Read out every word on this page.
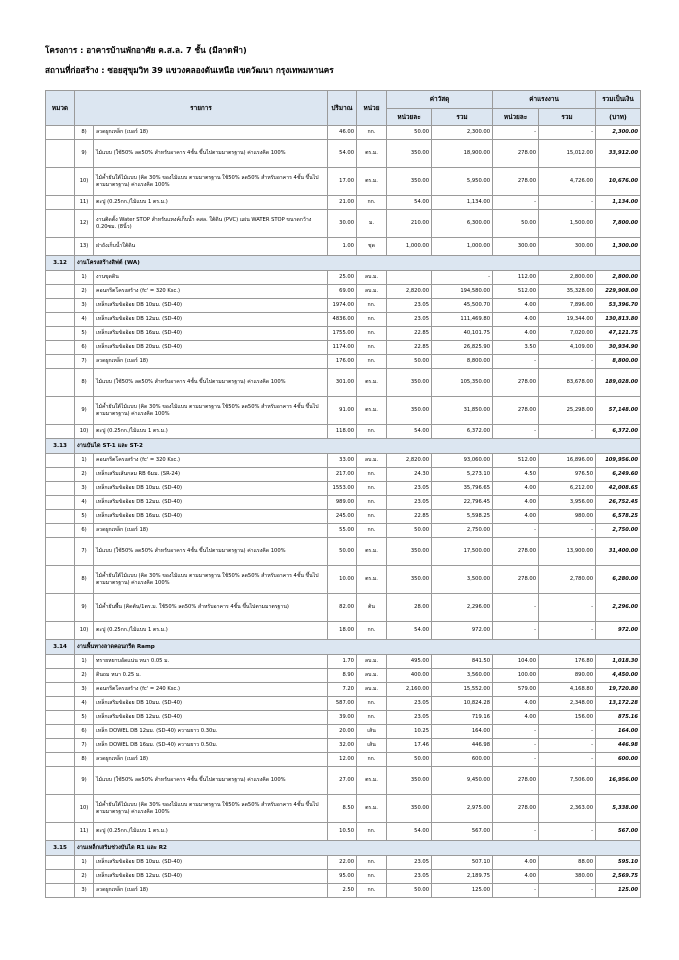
โครงการ : อาคารบ้านพักอาศัย ค.ส.ล. 7 ชั้น (มีลาดฟ้า)
สถานที่ก่อสร้าง : ซอยสุขุมวิท 39 แขวงคลองตันเหนือ เขตวัฒนา กรุงเทพมหานคร
หมวด	รายการ		ปริมาณ	หน่วย	ค่าวัสดุ		ค่าแรงงาน		รวมเป็นเงิน
					หน่วยละ	รวม	หน่วยละ	รวม	(บาท)
	8)	ลวดผูกเหล็ก (เบอร์ 18)	46.00	กก.	50.00	2,300.00	-	-	2,300.00
	9)	ไม้แบบ (ใช้50% ลด50% สำหรับอาคาร 4ชั้น ขึ้นไปตามมาตรฐาน) ค่าแรงคิด 100%	54.00	ตร.ม.	350.00	18,900.00	278.00	15,012.00	33,912.00
	10)	ไม้ค้ำยันใต้ไม้แบบ (คิด 30% ของไม้แบบ ตามมาตรฐาน ใช้50% ลด50% สำหรับอาคาร 4ชั้น ขึ้นไปตามมาตรฐาน) ค่าแรงคิด 100%	17.00	ตร.ม.	350.00	5,950.00	278.00	4,726.00	10,676.00
	11)	ตะปู (0.25กก./ไม้แบบ 1 ตร.ม.)	21.00	กก.	54.00	1,134.00	-	-	1,134.00
	12)	งานติดตั้ง Water STOP สำหรับแทงค์เก็บน้ำ คสล. ใต้ดิน (PVC) แผ่น WATER STOP ขนาดกว้าง 0.20ซม. (8นิ้ว)	30.00	ม.	210.00	6,300.00	50.00	1,500.00	7,800.00
	13)	ฝาถังเก็บน้ำใต้ดิน	1.00	ชุด	1,000.00	1,000.00	300.00	300.00	1,300.00
3.12	งานโครงสร้างสิฟต์ (WA)								
	1)	งานขุดดิน	25.00	ลบ.ม.		-	112.00	2,800.00	2,800.00
	2)	คอนกรีตโครงสร้าง (fc' = 320 Ksc.)	69.00	ลบ.ม.	2,820.00	194,580.00	512.00	35,328.00	229,908.00
	3)	เหล็กเสริมข้ออ้อย DB 10มม. (SD-40)	1974.00	กก.	23.05	45,500.70	4.00	7,896.00	53,396.70
	4)	เหล็กเสริมข้ออ้อย DB 12มม. (SD-40)	4836.00	กก.	23.05	111,469.80	4.00	19,344.00	130,813.80
	5)	เหล็กเสริมข้ออ้อย DB 16มม. (SD-40)	1755.00	กก.	22.85	40,101.75	4.00	7,020.00	47,121.75
	6)	เหล็กเสริมข้ออ้อย DB 20มม. (SD-40)	1174.00	กก.	22.85	26,825.90	3.50	4,109.00	30,934.90
	7)	ลวดผูกเหล็ก (เบอร์ 18)	176.00	กก.	50.00	8,800.00	-	-	8,800.00
	8)	ไม้แบบ (ใช้50% ลด50% สำหรับอาคาร 4ชั้น ขึ้นไปตามมาตรฐาน) ค่าแรงคิด 100%	301.00	ตร.ม.	350.00	105,350.00	278.00	83,678.00	189,028.00
	9)	ไม้ค้ำยันใต้ไม้แบบ (คิด 30% ของไม้แบบ ตามมาตรฐาน ใช้50% ลด50% สำหรับอาคาร 4ชั้น ขึ้นไปตามมาตรฐาน) ค่าแรงคิด 100%	91.00	ตร.ม.	350.00	31,850.00	278.00	25,298.00	57,148.00
	10)	ตะปู (0.25กก./ไม้แบบ 1 ตร.ม.)	118.00	กก.	54.00	6,372.00	-	-	6,372.00
3.13	งานบันได ST-1 และ ST-2								
	1)	คอนกรีตโครงสร้าง (fc' = 320 Ksc.)	33.00	ลบ.ม.	2,820.00	93,060.00	512.00	16,896.00	109,956.00
	2)	เหล็กเสริมเส้นกลม RB 6มม. (SR-24)	217.00	กก.	24.30	5,273.10	4.50	976.50	6,249.60
	3)	เหล็กเสริมข้ออ้อย DB 10มม. (SD-40)	1553.00	กก.	23.05	35,796.65	4.00	6,212.00	42,008.65
	4)	เหล็กเสริมข้ออ้อย DB 12มม. (SD-40)	989.00	กก.	23.05	22,796.45	4.00	3,956.00	26,752.45
	5)	เหล็กเสริมข้ออ้อย DB 16มม. (SD-40)	245.00	กก.	22.85	5,598.25	4.00	980.00	6,578.25
	6)	ลวดผูกเหล็ก (เบอร์ 18)	55.00	กก.	50.00	2,750.00	-	-	2,750.00
	7)	ไม้แบบ (ใช้50% ลด50% สำหรับอาคาร 4ชั้น ขึ้นไปตามมาตรฐาน) ค่าแรงคิด 100%	50.00	ตร.ม.	350.00	17,500.00	278.00	13,900.00	31,400.00
	8)	ไม้ค้ำยันใต้ไม้แบบ (คิด 30% ของไม้แบบ ตามมาตรฐาน ใช้50% ลด50% สำหรับอาคาร 4ชั้น ขึ้นไปตามมาตรฐาน) ค่าแรงคิด 100%	10.00	ตร.ม.	350.00	3,500.00	278.00	2,780.00	6,280.00
	9)	ไม้ค้ำยันพื้น (คิดต้น/1ตร.ม. ใช้50% ลด50% สำหรับอาคาร 4ชั้น ขึ้นไปตามมาตรฐาน)	82.00	ต้น	28.00	2,296.00	-	-	2,296.00
	10)	ตะปู (0.25กก./ไม้แบบ 1 ตร.ม.)	18.00	กก.	54.00	972.00	-	-	972.00
3.14	งานพื้นทางลาดคอนกรีต Ramp								
	1)	ทรายหยาบอัดแน่น หนา 0.05 ม.	1.70	ลบ.ม.	495.00	841.50	104.00	176.80	1,018.30
	2)	ดินถม หนา 0.25 ม.	8.90	ลบ.ม.	400.00	3,560.00	100.00	890.00	4,450.00
	3)	คอนกรีตโครงสร้าง (fc' = 240 Ksc.)	7.20	ลบ.ม.	2,160.00	15,552.00	579.00	4,168.80	19,720.80
	4)	เหล็กเสริมข้ออ้อย DB 10มม. (SD-40)	587.00	กก.	23.05	10,824.28	4.00	2,348.00	13,172.28
	5)	เหล็กเสริมข้ออ้อย DB 12มม. (SD-40)	39.00	กก.	23.05	719.16	4.00	156.00	875.16
	6)	เหล็ก DOWEL DB 12มม. (SD-40) ความยาว 0.30ม.	20.00	เส้น	10.25	164.00	-	-	164.00
	7)	เหล็ก DOWEL DB 16มม. (SD-40) ความยาว 0.50ม.	32.00	เส้น	17.46	446.98	-	-	446.98
	8)	ลวดผูกเหล็ก (เบอร์ 18)	12.00	กก.	50.00	600.00	-	-	600.00
	9)	ไม้แบบ (ใช้50% ลด50% สำหรับอาคาร 4ชั้น ขึ้นไปตามมาตรฐาน) ค่าแรงคิด 100%	27.00	ตร.ม.	350.00	9,450.00	278.00	7,506.00	16,956.00
	10)	ไม้ค้ำยันใต้ไม้แบบ (คิด 30% ของไม้แบบ ตามมาตรฐาน ใช้50% ลด50% สำหรับอาคาร 4ชั้น ขึ้นไปตามมาตรฐาน) ค่าแรงคิด 100%	8.50	ตร.ม.	350.00	2,975.00	278.00	2,363.00	5,338.00
	11)	ตะปู (0.25กก./ไม้แบบ 1 ตร.ม.)	10.50	กก.	54.00	567.00	-	-	567.00
3.15	งานเหล็กเสริมช่วงบันได R1 และ R2								
	1)	เหล็กเสริมข้ออ้อย DB 10มม. (SD-40)	22.00	กก.	23.05	507.10	4.00	88.00	595.10
	2)	เหล็กเสริมข้ออ้อย DB 12มม. (SD-40)	95.00	กก.	23.05	2,189.75	4.00	380.00	2,569.75
	3)	ลวดผูกเหล็ก (เบอร์ 18)	2.50	กก.	50.00	125.00	-	-	125.00
